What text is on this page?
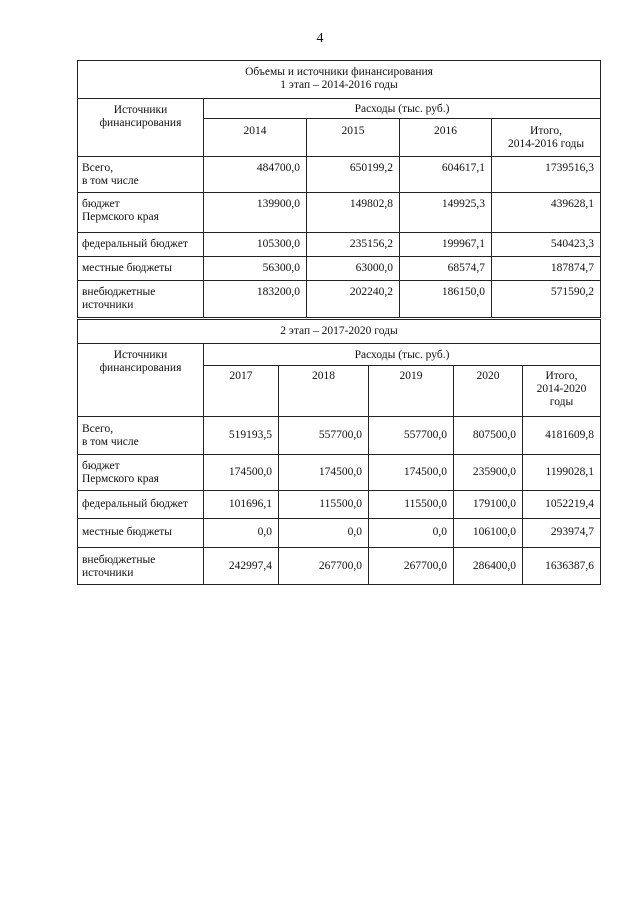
4
Объемы и источники финансирования
1 этап – 2014-2016 годы				
Источники
финансирования	Расходы (тыс. руб.)			
	2014	2015	2016	Итого,
2014-2016 годы
Всего,
в том числе	484700,0	650199,2	604617,1	1739516,3
бюджет
Пермского края	139900,0	149802,8	149925,3	439628,1
федеральный бюджет	105300,0	235156,2	199967,1	540423,3
местные бюджеты	56300,0	63000,0	68574,7	187874,7
внебюджетные
источники	183200,0	202240,2	186150,0	571590,2
2 этап – 2017-2020 годы					
Источники
финансирования	Расходы (тыс. руб.)				
	2017	2018	2019	2020	Итого,
2014-2020
годы
Всего,
в том числе	519193,5	557700,0	557700,0	807500,0	4181609,8
бюджет
Пермского края	174500,0	174500,0	174500,0	235900,0	1199028,1
федеральный бюджет	101696,1	115500,0	115500,0	179100,0	1052219,4
местные бюджеты	0,0	0,0	0,0	106100,0	293974,7
внебюджетные
источники	242997,4	267700,0	267700,0	286400,0	1636387,6
